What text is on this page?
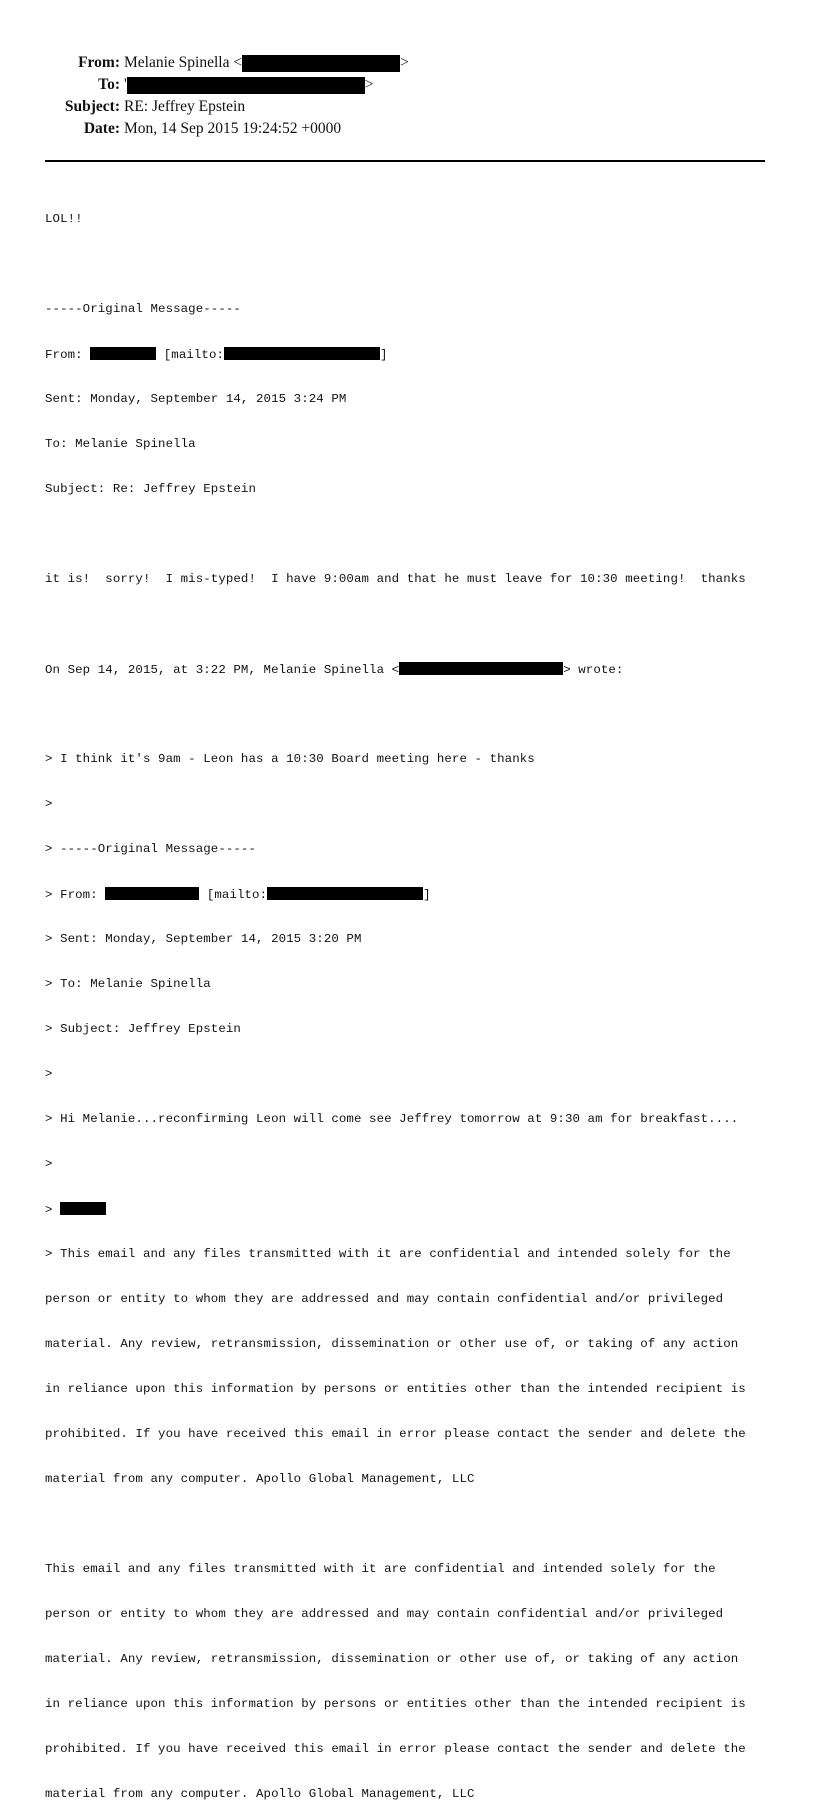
From: Melanie Spinella <	>
To: '	>
Subject: RE: Jeffrey Epstein
Date: Mon, 14 Sep 2015 19:24:52 +0000

LOL!!

-----Original Message-----

From:	[mailto:	]

Sent: Monday, September 14, 2015 3:24 PM

To: Melanie Spinella

Subject: Re: Jeffrey Epstein

it is!  sorry!  I mis-typed!  I have 9:00am and that he must leave for 10:30 meeting!  thanks

On Sep 14, 2015, at 3:22 PM, Melanie Spinella <	> wrote:

> I think it's 9am - Leon has a 10:30 Board meeting here - thanks

>

> -----Original Message-----

> From:	[mailto:	]

> Sent: Monday, September 14, 2015 3:20 PM

> To: Melanie Spinella

> Subject: Jeffrey Epstein

>

> Hi Melanie...reconfirming Leon will come see Jeffrey tomorrow at 9:30 am for breakfast....

>

>

> This email and any files transmitted with it are confidential and intended solely for the

person or entity to whom they are addressed and may contain confidential and/or privileged

material. Any review, retransmission, dissemination or other use of, or taking of any action

in reliance upon this information by persons or entities other than the intended recipient is

prohibited. If you have received this email in error please contact the sender and delete the

material from any computer. Apollo Global Management, LLC

This email and any files transmitted with it are confidential and intended solely for the

person or entity to whom they are addressed and may contain confidential and/or privileged

material. Any review, retransmission, dissemination or other use of, or taking of any action

in reliance upon this information by persons or entities other than the intended recipient is

prohibited. If you have received this email in error please contact the sender and delete the

material from any computer. Apollo Global Management, LLC
